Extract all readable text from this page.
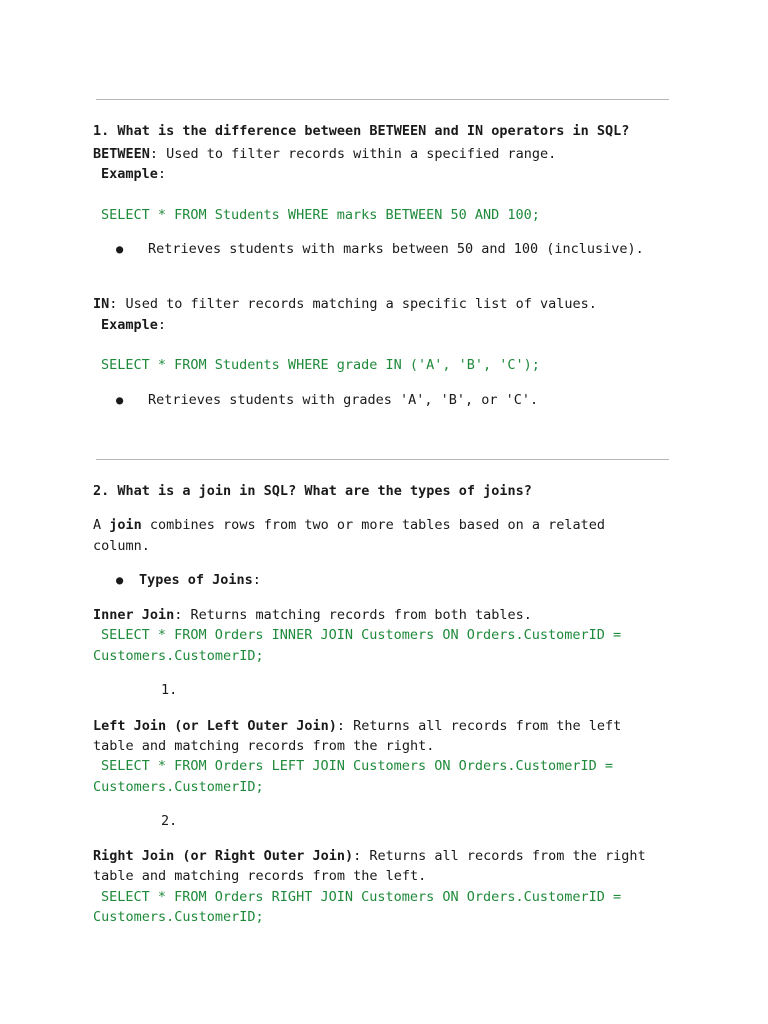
1. What is the difference between BETWEEN and IN operators in SQL?
BETWEEN: Used to filter records within a specified range.
Example:
SELECT * FROM Students WHERE marks BETWEEN 50 AND 100;
● Retrieves students with marks between 50 and 100 (inclusive).
IN: Used to filter records matching a specific list of values.
Example:
SELECT * FROM Students WHERE grade IN ('A', 'B', 'C');
● Retrieves students with grades 'A', 'B', or 'C'.
2. What is a join in SQL? What are the types of joins?
A join combines rows from two or more tables based on a related
column.
● Types of Joins:
Inner Join: Returns matching records from both tables.
SELECT * FROM Orders INNER JOIN Customers ON Orders.CustomerID =
Customers.CustomerID;
1.
Left Join (or Left Outer Join): Returns all records from the left
table and matching records from the right.
SELECT * FROM Orders LEFT JOIN Customers ON Orders.CustomerID =
Customers.CustomerID;
2.
Right Join (or Right Outer Join): Returns all records from the right
table and matching records from the left.
SELECT * FROM Orders RIGHT JOIN Customers ON Orders.CustomerID =
Customers.CustomerID;
